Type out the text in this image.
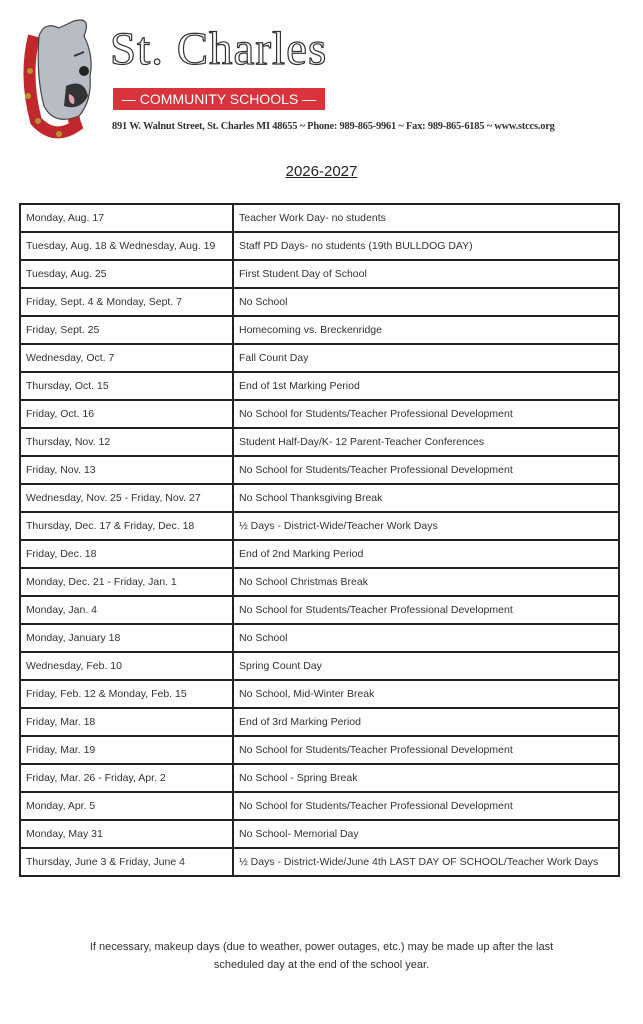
St. Charles
— COMMUNITY SCHOOLS —
891 W. Walnut Street, St. Charles MI 48655 ~ Phone: 989-865-9961 ~ Fax: 989-865-6185 ~ www.stccs.org
2026-2027
Monday, Aug. 17	Teacher Work Day- no students
Tuesday, Aug. 18 & Wednesday, Aug. 19	Staff PD Days- no students (19th BULLDOG DAY)
Tuesday, Aug. 25	First Student Day of School
Friday, Sept. 4 & Monday, Sept. 7	No School
Friday, Sept. 25	Homecoming vs. Breckenridge
Wednesday, Oct. 7	Fall Count Day
Thursday, Oct. 15	End of 1st Marking Period
Friday, Oct. 16	No School for Students/Teacher Professional Development
Thursday, Nov. 12	Student Half-Day/K- 12 Parent-Teacher Conferences
Friday, Nov. 13	No School for Students/Teacher Professional Development
Wednesday, Nov. 25 - Friday, Nov. 27	No School Thanksgiving Break
Thursday, Dec. 17 & Friday, Dec. 18	½ Days - District-Wide/Teacher Work Days
Friday, Dec. 18	End of 2nd Marking Period
Monday, Dec. 21 - Friday, Jan. 1	No School Christmas Break
Monday, Jan. 4	No School for Students/Teacher Professional Development
Monday, January 18	No School
Wednesday, Feb. 10	Spring Count Day
Friday, Feb. 12 & Monday, Feb. 15	No School, Mid-Winter Break
Friday, Mar. 18	End of 3rd Marking Period
Friday, Mar. 19	No School for Students/Teacher Professional Development
Friday, Mar. 26 - Friday, Apr. 2	No School - Spring Break
Monday, Apr. 5	No School for Students/Teacher Professional Development
Monday, May 31	No School- Memorial Day
Thursday, June 3 & Friday, June 4	½ Days - District-Wide/June 4th LAST DAY OF SCHOOL/Teacher Work Days
If necessary, makeup days (due to weather, power outages, etc.) may be made up after the last
scheduled day at the end of the school year.
